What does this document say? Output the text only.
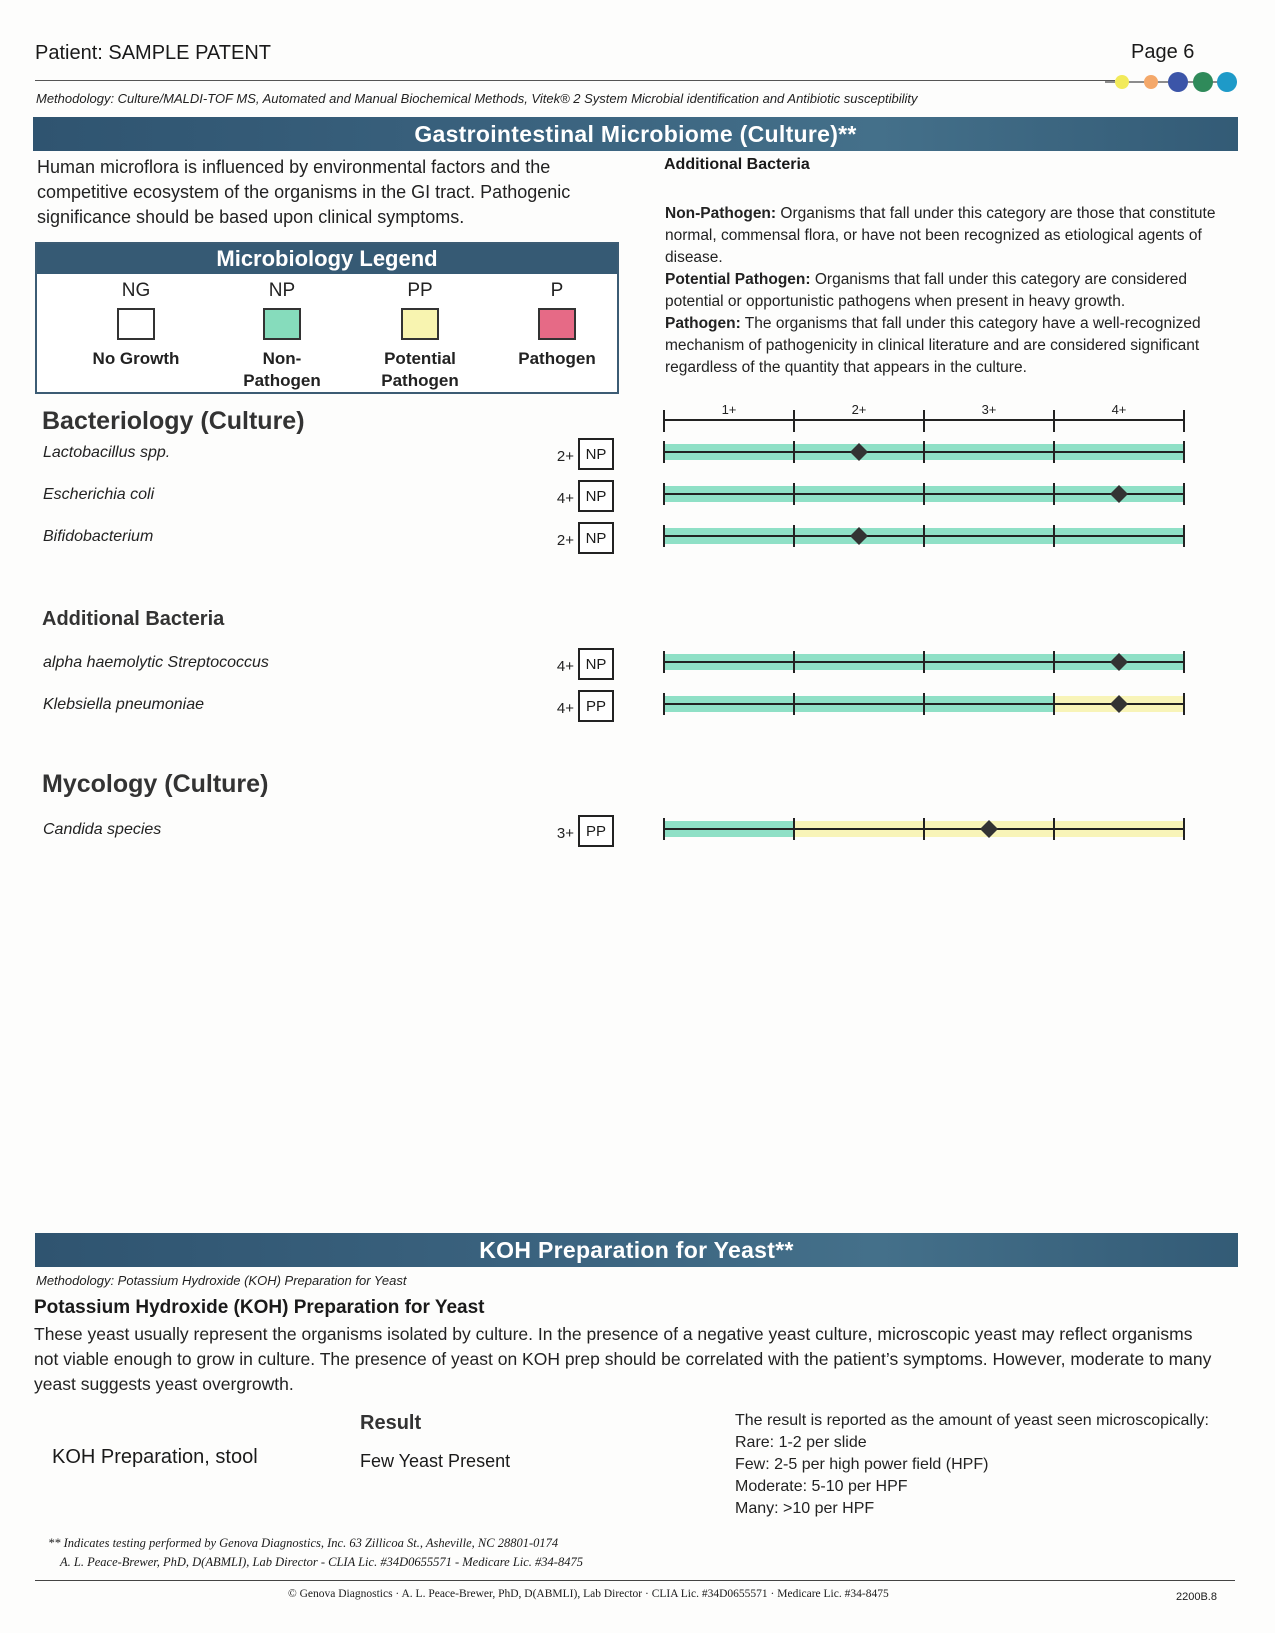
Patient: SAMPLE PATENT	Page 6
Methodology: Culture/MALDI-TOF MS, Automated and Manual Biochemical Methods, Vitek® 2 System Microbial identification and Antibiotic susceptibility
Gastrointestinal Microbiome (Culture)**
Human microflora is influenced by environmental factors and the competitive ecosystem of the organisms in the GI tract. Pathogenic significance should be based upon clinical symptoms.
Microbiology Legend
NG
No Growth
NP
Non-
Pathogen
PP
Potential
Pathogen
P
Pathogen
Additional Bacteria
Non-Pathogen: Organisms that fall under this category are those that constitute normal, commensal flora, or have not been recognized as etiological agents of disease.
Potential Pathogen: Organisms that fall under this category are considered potential or opportunistic pathogens when present in heavy growth.
Pathogen: The organisms that fall under this category have a well-recognized mechanism of pathogenicity in clinical literature and are considered significant regardless of the quantity that appears in the culture.
1+	2+	3+	4+
Bacteriology (Culture)
Additional Bacteria
Mycology (Culture)
Lactobacillus spp.	2+ NP
Escherichia coli	4+ NP
Bifidobacterium	2+ NP
alpha haemolytic Streptococcus	4+ NP
Klebsiella pneumoniae	4+ PP
Candida species	3+ PP
KOH Preparation for Yeast**
Methodology: Potassium Hydroxide (KOH) Preparation for Yeast
Potassium Hydroxide (KOH) Preparation for Yeast
These yeast usually represent the organisms isolated by culture. In the presence of a negative yeast culture, microscopic yeast may reflect organisms not viable enough to grow in culture. The presence of yeast on KOH prep should be correlated with the patient’s symptoms. However, moderate to many yeast suggests yeast overgrowth.
Result
KOH Preparation, stool	Few Yeast Present
The result is reported as the amount of yeast seen microscopically:
Rare: 1-2 per slide
Few: 2-5 per high power field (HPF)
Moderate: 5-10 per HPF
Many: >10 per HPF
** Indicates testing performed by Genova Diagnostics, Inc. 63 Zillicoa St., Asheville, NC 28801-0174
A. L. Peace-Brewer, PhD, D(ABMLI), Lab Director - CLIA Lic. #34D0655571 - Medicare Lic. #34-8475
© Genova Diagnostics · A. L. Peace-Brewer, PhD, D(ABMLI), Lab Director · CLIA Lic. #34D0655571 · Medicare Lic. #34-8475	2200B.8
